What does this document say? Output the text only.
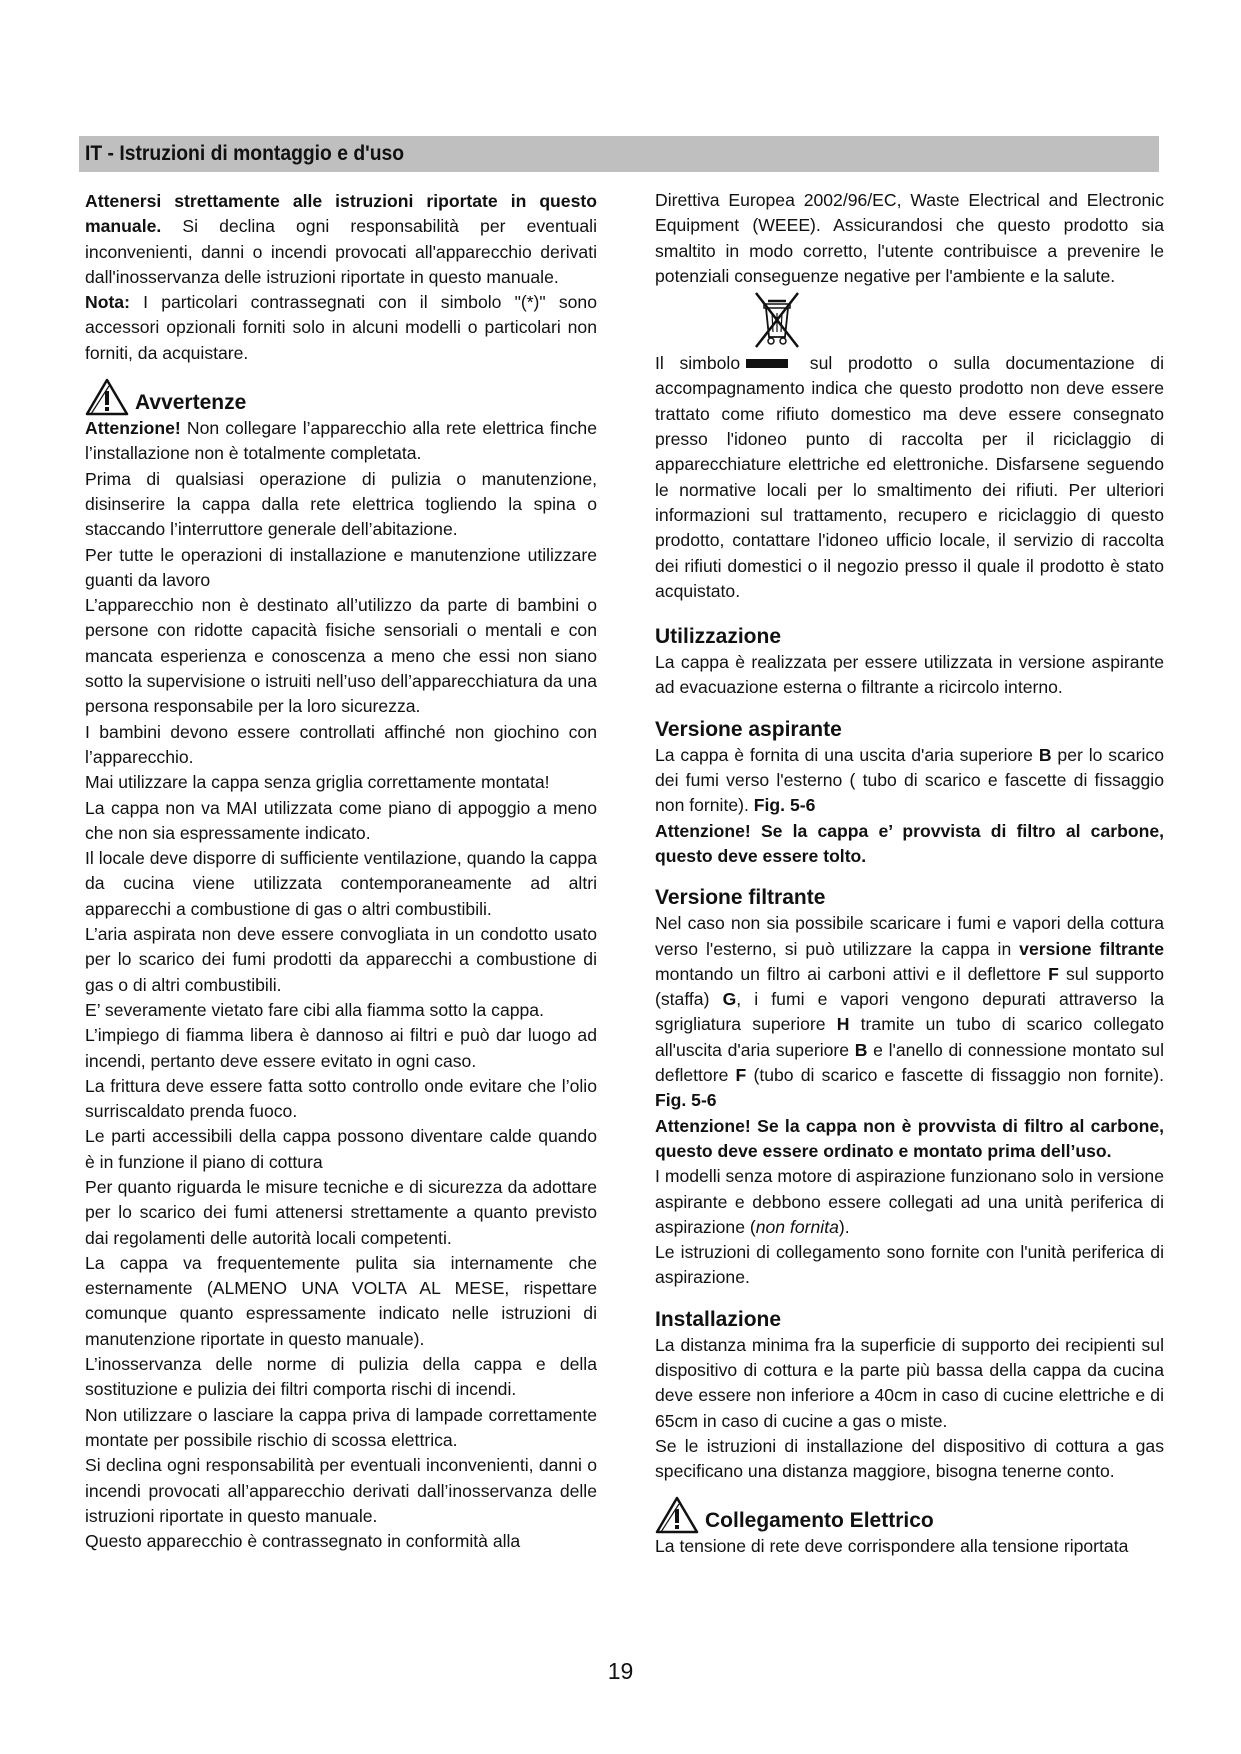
IT - Istruzioni di montaggio e d'uso

Attenersi strettamente alle istruzioni riportate in questo manuale. Si declina ogni responsabilità per eventuali inconvenienti, danni o incendi provocati all'apparecchio derivati dall'inosservanza delle istruzioni riportate in questo manuale.

Nota: I particolari contrassegnati con il simbolo "(*)" sono accessori opzionali forniti solo in alcuni modelli o particolari non forniti, da acquistare.

Avvertenze

Attenzione! Non collegare l’apparecchio alla rete elettrica finche l’installazione non è totalmente completata.

Prima di qualsiasi operazione di pulizia o manutenzione, disinserire la cappa dalla rete elettrica togliendo la spina o staccando l’interruttore generale dell’abitazione.

Per tutte le operazioni di installazione e manutenzione utilizzare guanti da lavoro

L’apparecchio non è destinato all’utilizzo da parte di bambini o persone con ridotte capacità fisiche sensoriali o mentali e con mancata esperienza e conoscenza a meno che essi non siano sotto la supervisione o istruiti nell’uso dell’apparecchiatura da una persona responsabile per la loro sicurezza.

I bambini devono essere controllati affinché non giochino con l’apparecchio.

Mai utilizzare la cappa senza griglia correttamente montata!

La cappa non va MAI utilizzata come piano di appoggio a meno che non sia espressamente indicato.

Il locale deve disporre di sufficiente ventilazione, quando la cappa da cucina viene utilizzata contemporaneamente ad altri apparecchi a combustione di gas o altri combustibili.

L’aria aspirata non deve essere convogliata in un condotto usato per lo scarico dei fumi prodotti da apparecchi a combustione di gas o di altri combustibili.

E’ severamente vietato fare cibi alla fiamma sotto la cappa.

L’impiego di fiamma libera è dannoso ai filtri e può dar luogo ad incendi, pertanto deve essere evitato in ogni caso.

La frittura deve essere fatta sotto controllo onde evitare che l’olio surriscaldato prenda fuoco.

Le parti accessibili della cappa possono diventare calde quando è in funzione il piano di cottura

Per quanto riguarda le misure tecniche e di sicurezza da adottare per lo scarico dei fumi attenersi strettamente a quanto previsto dai regolamenti delle autorità locali competenti.

La cappa va frequentemente pulita sia internamente che esternamente (ALMENO UNA VOLTA AL MESE, rispettare comunque quanto espressamente indicato nelle istruzioni di manutenzione riportate in questo manuale).

L’inosservanza delle norme di pulizia della cappa e della sostituzione e pulizia dei filtri comporta rischi di incendi.

Non utilizzare o lasciare la cappa priva di lampade correttamente montate per possibile rischio di scossa elettrica.

Si declina ogni responsabilità per eventuali inconvenienti, danni o incendi provocati all’apparecchio derivati dall’inosservanza delle istruzioni riportate in questo manuale.

Questo apparecchio è contrassegnato in conformità alla

Direttiva Europea 2002/96/EC, Waste Electrical and Electronic Equipment (WEEE). Assicurandosi che questo prodotto sia smaltito in modo corretto, l'utente contribuisce a prevenire le potenziali conseguenze negative per l'ambiente e la salute.

Il simbolo	sul prodotto o sulla documentazione di accompagnamento indica che questo prodotto non deve essere trattato come rifiuto domestico ma deve essere consegnato presso l'idoneo punto di raccolta per il riciclaggio di apparecchiature elettriche ed elettroniche. Disfarsene seguendo le normative locali per lo smaltimento dei rifiuti. Per ulteriori informazioni sul trattamento, recupero e riciclaggio di questo prodotto, contattare l'idoneo ufficio locale, il servizio di raccolta dei rifiuti domestici o il negozio presso il quale il prodotto è stato acquistato.

Utilizzazione

La cappa è realizzata per essere utilizzata in versione aspirante ad evacuazione esterna o filtrante a ricircolo interno.

Versione aspirante

La cappa è fornita di una uscita d'aria superiore B per lo scarico dei fumi verso l'esterno ( tubo di scarico e fascette di fissaggio non fornite). Fig. 5-6

Attenzione! Se la cappa e’ provvista di filtro al carbone, questo deve essere tolto.

Versione filtrante

Nel caso non sia possibile scaricare i fumi e vapori della cottura verso l'esterno, si può utilizzare la cappa in versione filtrante montando un filtro ai carboni attivi e il deflettore F sul supporto (staffa) G, i fumi e vapori vengono depurati attraverso la sgrigliatura superiore H tramite un tubo di scarico collegato all'uscita d'aria superiore B e l'anello di connessione montato sul deflettore F (tubo di scarico e fascette di fissaggio non fornite). Fig. 5-6

Attenzione! Se la cappa non è provvista di filtro al carbone, questo deve essere ordinato e montato prima dell’uso.

I modelli senza motore di aspirazione funzionano solo in versione aspirante e debbono essere collegati ad una unità periferica di aspirazione (non fornita).

Le istruzioni di collegamento sono fornite con l'unità periferica di aspirazione.

Installazione

La distanza minima fra la superficie di supporto dei recipienti sul dispositivo di cottura e la parte più bassa della cappa da cucina deve essere non inferiore a 40cm in caso di cucine elettriche e di 65cm in caso di cucine a gas o miste.

Se le istruzioni di installazione del dispositivo di cottura a gas specificano una distanza maggiore, bisogna tenerne conto.

Collegamento Elettrico

La tensione di rete deve corrispondere alla tensione riportata

19
